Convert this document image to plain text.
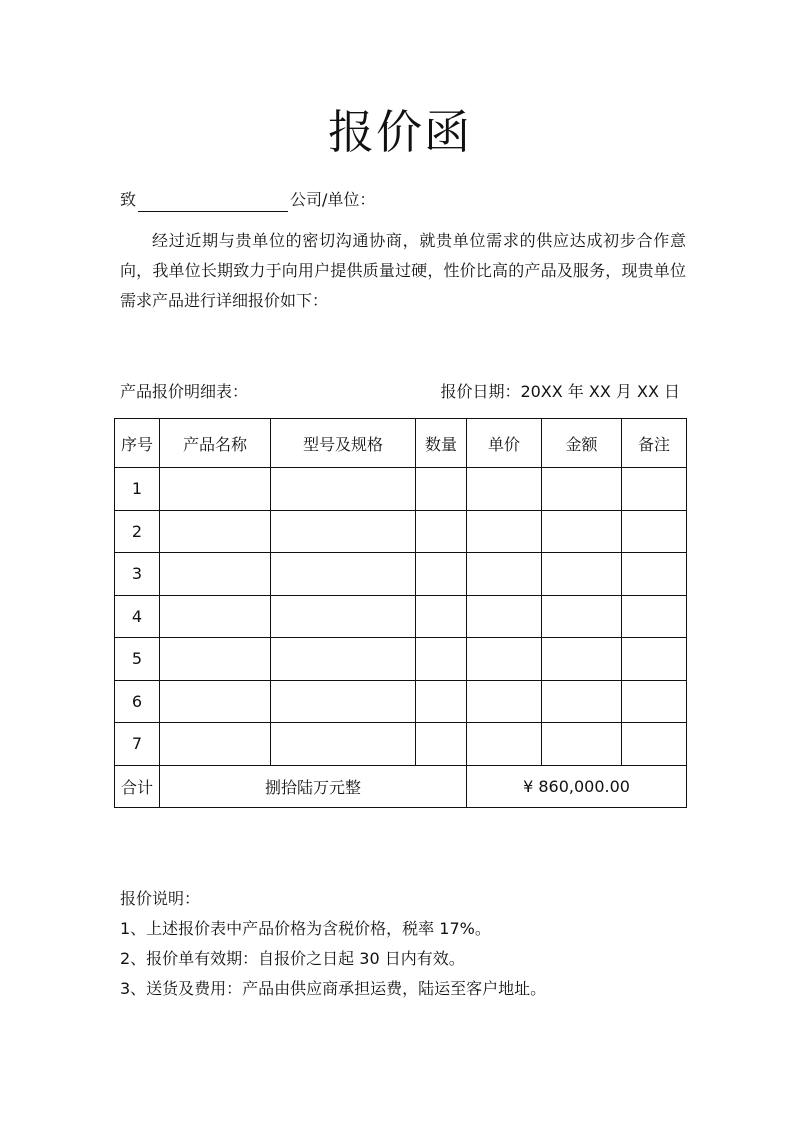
报价函
致	公司/单位：
经过近期与贵单位的密切沟通协商，就贵单位需求的供应达成初步合作意向，我单位长期致力于向用户提供质量过硬，性价比高的产品及服务，现贵单位需求产品进行详细报价如下：
产品报价明细表：	报价日期：20XX 年 XX 月 XX 日
序号	产品名称	型号及规格	数量	单价	金额	备注
1						
2						
3						
4						
5						
6						
7						
合计	捌拾陆万元整			¥ 860,000.00		
报价说明：
1、上述报价表中产品价格为含税价格，税率 17%。
2、报价单有效期：自报价之日起 30 日内有效。
3、送货及费用：产品由供应商承担运费，陆运至客户地址。
